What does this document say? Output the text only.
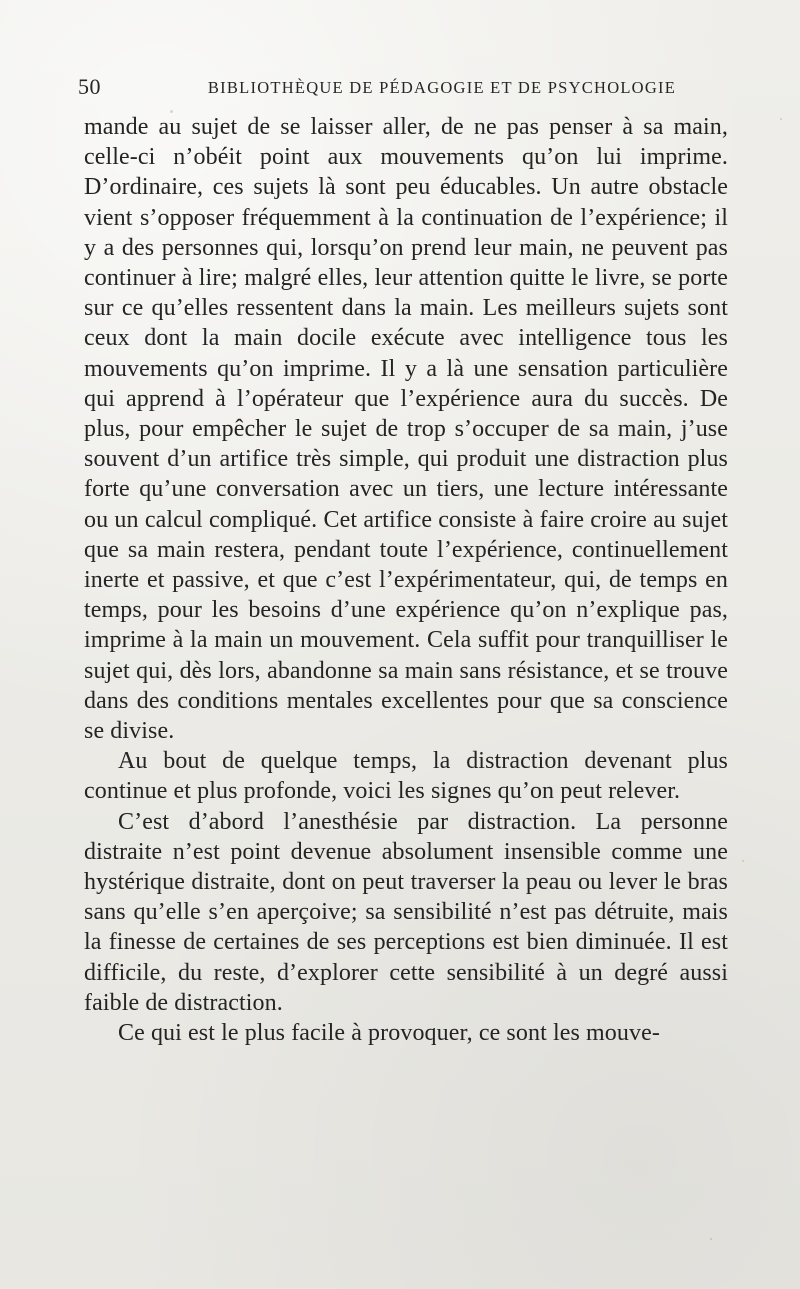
50	BIBLIOTHÈQUE DE PÉDAGOGIE ET DE PSYCHOLOGIE

mande au sujet de se laisser aller, de ne pas penser à sa main, celle-ci n’obéit point aux mouvements qu’on lui imprime. D’ordinaire, ces sujets là sont peu éducables. Un autre obstacle vient s’opposer fréquemment à la continuation de l’expérience; il y a des personnes qui, lorsqu’on prend leur main, ne peuvent pas continuer à lire; malgré elles, leur attention quitte le livre, se porte sur ce qu’elles ressentent dans la main. Les meilleurs sujets sont ceux dont la main docile exécute avec intelligence tous les mouvements qu’on imprime. Il y a là une sensation particulière qui apprend à l’opérateur que l’expérience aura du succès. De plus, pour empêcher le sujet de trop s’occuper de sa main, j’use souvent d’un artifice très simple, qui produit une distraction plus forte qu’une conversation avec un tiers, une lecture intéressante ou un calcul compliqué. Cet artifice consiste à faire croire au sujet que sa main restera, pendant toute l’expérience, continuellement inerte et passive, et que c’est l’expérimentateur, qui, de temps en temps, pour les besoins d’une expérience qu’on n’explique pas, imprime à la main un mouvement. Cela suffit pour tranquilliser le sujet qui, dès lors, abandonne sa main sans résistance, et se trouve dans des conditions mentales excellentes pour que sa conscience se divise.

Au bout de quelque temps, la distraction devenant plus continue et plus profonde, voici les signes qu’on peut relever.

C’est d’abord l’anesthésie par distraction. La personne distraite n’est point devenue absolument insensible comme une hystérique distraite, dont on peut traverser la peau ou lever le bras sans qu’elle s’en aperçoive; sa sensibilité n’est pas détruite, mais la finesse de certaines de ses perceptions est bien diminuée. Il est difficile, du reste, d’explorer cette sensibilité à un degré aussi faible de distraction.

Ce qui est le plus facile à provoquer, ce sont les mouve-
